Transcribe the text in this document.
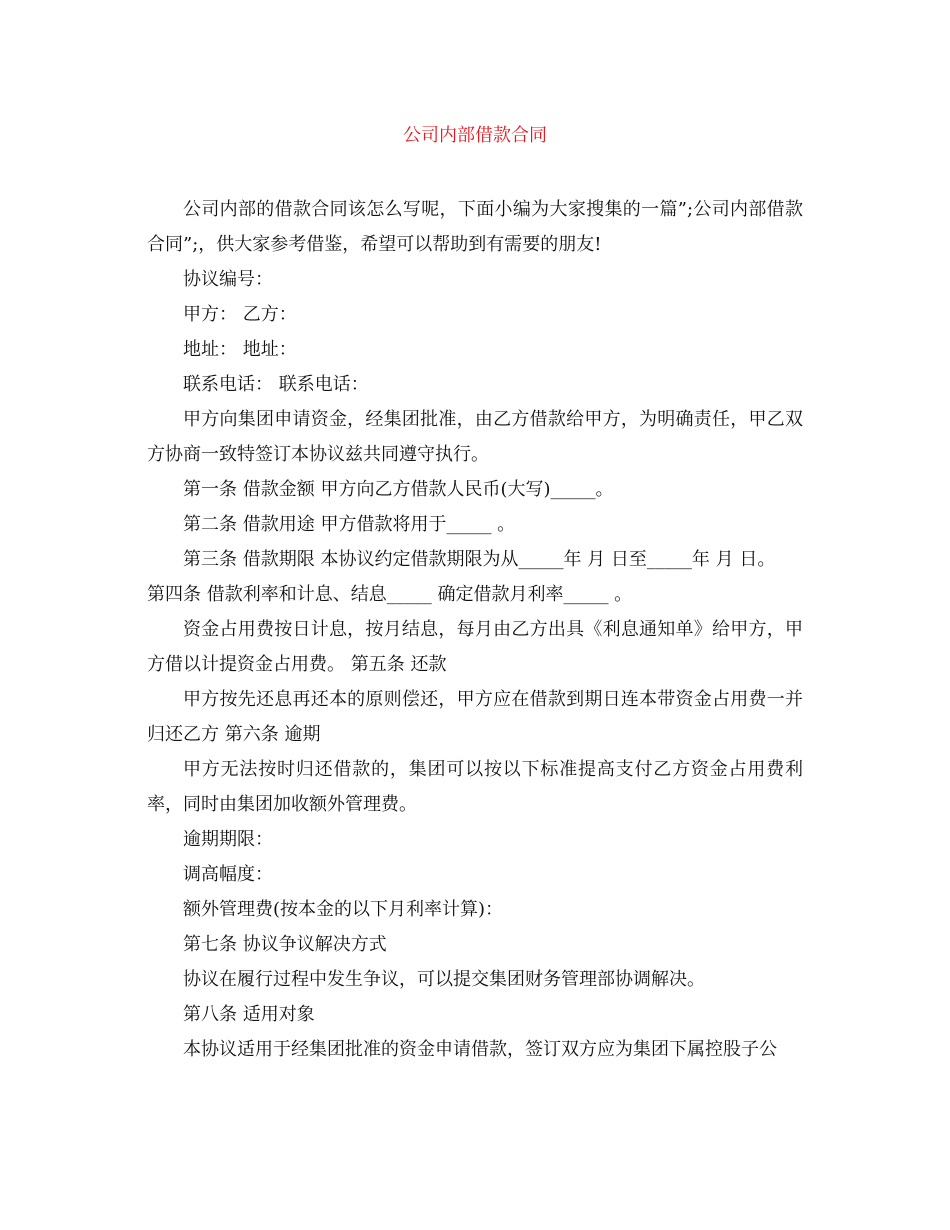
公司内部借款合同

公司内部的借款合同该怎么写呢，下面小编为大家搜集的一篇”;公司内部借款合同”;，供大家参考借鉴，希望可以帮助到有需要的朋友!

协议编号：

甲方： 乙方：

地址： 地址：

联系电话： 联系电话：

甲方向集团申请资金，经集团批准，由乙方借款给甲方，为明确责任，甲乙双方协商一致特签订本协议兹共同遵守执行。

第一条 借款金额 甲方向乙方借款人民币(大写)_____。

第二条 借款用途 甲方借款将用于_____ 。

第三条 借款期限 本协议约定借款期限为从_____年 月 日至_____年 月 日。

第四条 借款利率和计息、结息_____ 确定借款月利率_____ 。

资金占用费按日计息，按月结息，每月由乙方出具《利息通知单》给甲方，甲方借以计提资金占用费。 第五条 还款

甲方按先还息再还本的原则偿还，甲方应在借款到期日连本带资金占用费一并归还乙方 第六条 逾期

甲方无法按时归还借款的，集团可以按以下标准提高支付乙方资金占用费利率，同时由集团加收额外管理费。

逾期期限：

调高幅度：

额外管理费(按本金的以下月利率计算)：

第七条 协议争议解决方式

协议在履行过程中发生争议，可以提交集团财务管理部协调解决。

第八条 适用对象

本协议适用于经集团批准的资金申请借款，签订双方应为集团下属控股子公
